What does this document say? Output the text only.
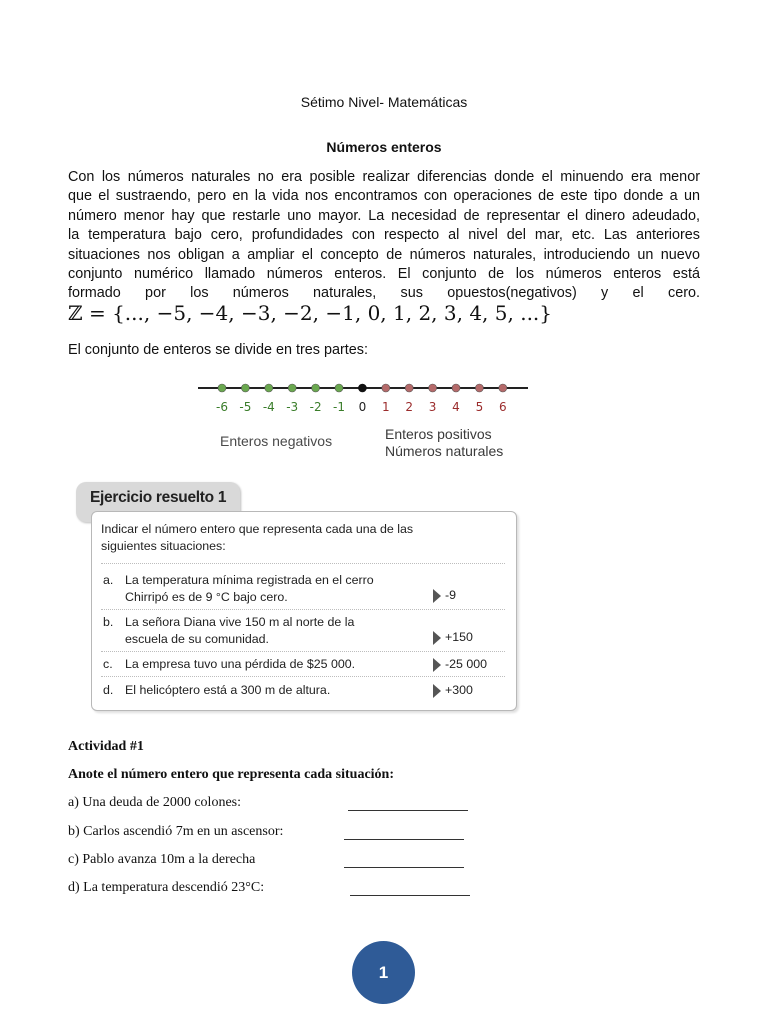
Sétimo Nivel- Matemáticas
Números enteros

Con los números naturales no era posible realizar diferencias donde el minuendo era menor

que el sustraendo, pero en la vida nos encontramos con operaciones de este tipo donde a un

número menor hay que restarle uno mayor. La necesidad de representar el dinero adeudado,

la temperatura bajo cero, profundidades con respecto al nivel del mar, etc. Las anteriores

situaciones nos obligan a ampliar el concepto de números naturales, introduciendo un nuevo

conjunto numérico llamado números enteros. El conjunto de los números enteros está

formado por los números naturales, sus opuestos(negativos) y el cero.

ℤ = {..., −5, −4, −3, −2, −1, 0, 1, 2, 3, 4, 5, ...}
El conjunto de enteros se divide en tres partes:
-6 -5 -4 -3 -2 -1 0 1 2 3 4 5 6
Enteros negativos	Enteros positivos
Números naturales
Ejercicio resuelto 1
Indicar el número entero que representa cada una de las
siguientes situaciones:
a. La temperatura mínima registrada en el cerro
Chirripó es de 9 °C bajo cero.	-9
b. La señora Diana vive 150 m al norte de la
escuela de su comunidad.	+150
c. La empresa tuvo una pérdida de $25 000.	-25 000
d. El helicóptero está a 300 m de altura.	+300
Actividad #1
Anote el número entero que representa cada situación:
a) Una deuda de 2000 colones:
b) Carlos ascendió 7m en un ascensor:
c) Pablo avanza 10m a la derecha
d) La temperatura descendió 23°C:
1
